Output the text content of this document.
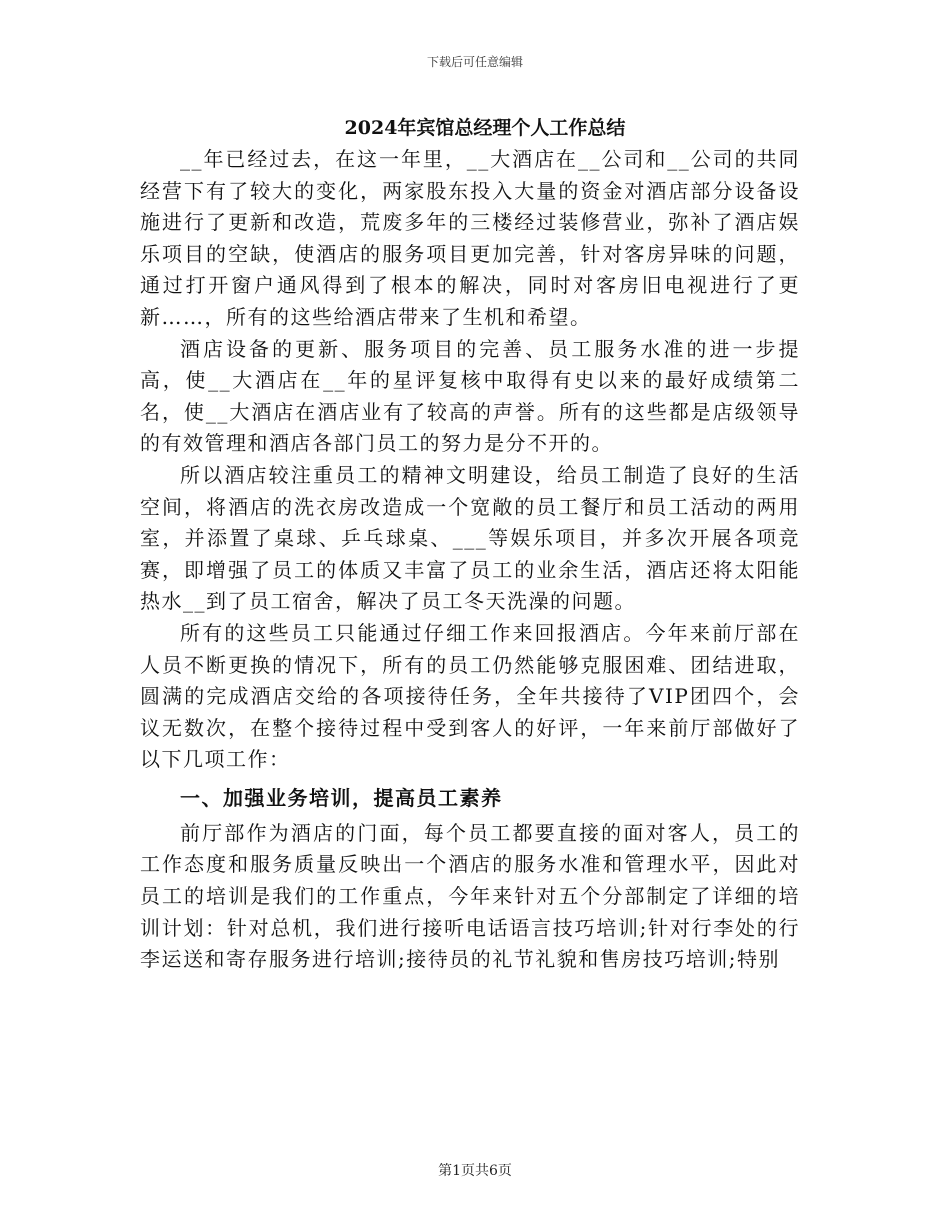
下载后可任意编辑
2024年宾馆总经理个人工作总结

__年已经过去，在这一年里，__大酒店在__公司和__公司的共同经营下有了较大的变化，两家股东投入大量的资金对酒店部分设备设施进行了更新和改造，荒废多年的三楼经过装修营业，弥补了酒店娱乐项目的空缺，使酒店的服务项目更加完善，针对客房异味的问题，通过打开窗户通风得到了根本的解决，同时对客房旧电视进行了更新……，所有的这些给酒店带来了生机和希望。

酒店设备的更新、服务项目的完善、员工服务水准的进一步提高，使__大酒店在__年的星评复核中取得有史以来的最好成绩第二名，使__大酒店在酒店业有了较高的声誉。所有的这些都是店级领导的有效管理和酒店各部门员工的努力是分不开的。

所以酒店较注重员工的精神文明建设，给员工制造了良好的生活空间，将酒店的洗衣房改造成一个宽敞的员工餐厅和员工活动的两用室，并添置了桌球、乒乓球桌、___等娱乐项目，并多次开展各项竞赛，即增强了员工的体质又丰富了员工的业余生活，酒店还将太阳能热水__到了员工宿舍，解决了员工冬天洗澡的问题。

所有的这些员工只能通过仔细工作来回报酒店。今年来前厅部在人员不断更换的情况下，所有的员工仍然能够克服困难、团结进取，圆满的完成酒店交给的各项接待任务，全年共接待了VIP团四个，会议无数次，在整个接待过程中受到客人的好评，一年来前厅部做好了以下几项工作：

一、加强业务培训，提高员工素养

前厅部作为酒店的门面，每个员工都要直接的面对客人，员工的工作态度和服务质量反映出一个酒店的服务水准和管理水平，因此对员工的培训是我们的工作重点，今年来针对五个分部制定了详细的培训计划：针对总机，我们进行接听电话语言技巧培训;针对行李处的行李运送和寄存服务进行培训;接待员的礼节礼貌和售房技巧培训;特别

第1页共6页
